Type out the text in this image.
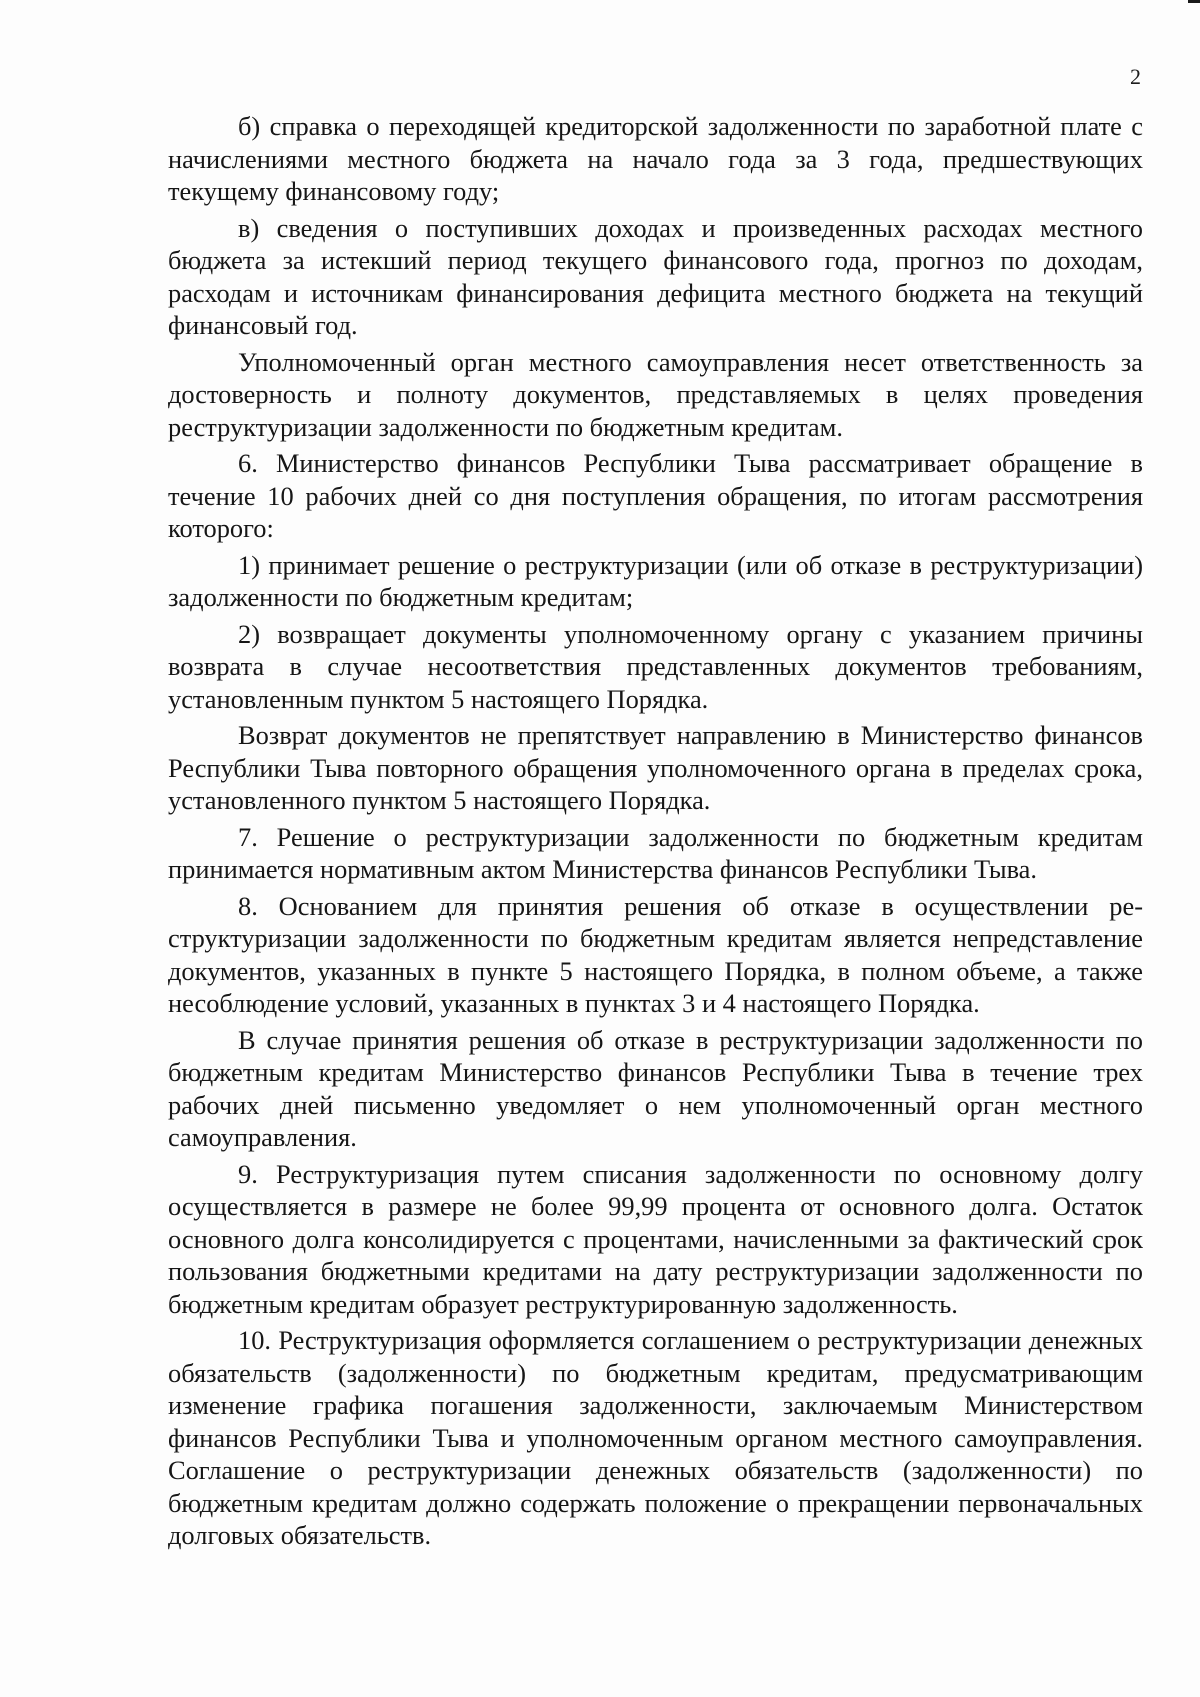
2

б) справка о переходящей кредиторской задолженности по заработной плате с начислениями местного бюджета на начало года за 3 года, предшествующих текущему финансовому году;

в) сведения о поступивших доходах и произведенных расходах местного бюджета за истекший период текущего финансового года, прогноз по доходам, расходам и источникам финансирования дефицита местного бюджета на текущий финансовый год.

Уполномоченный орган местного самоуправления несет ответственность за достоверность и полноту документов, представляемых в целях проведения реструктуризации задолженности по бюджетным кредитам.

6. Министерство финансов Республики Тыва рассматривает обращение в течение 10 рабочих дней со дня поступления обращения, по итогам рассмотрения которого:

1) принимает решение о реструктуризации (или об отказе в реструктуризации) задолженности по бюджетным кредитам;

2) возвращает документы уполномоченному органу с указанием причины возврата в случае несоответствия представленных документов требованиям, установленным пунктом 5 настоящего Порядка.

Возврат документов не препятствует направлению в Министерство финансов Республики Тыва повторного обращения уполномоченного органа в пределах срока, установленного пунктом 5 настоящего Порядка.

7. Решение о реструктуризации задолженности по бюджетным кредитам принимается нормативным актом Министерства финансов Республики Тыва.

8. Основанием для принятия решения об отказе в осуществлении реструктуризации задолженности по бюджетным кредитам является непредставление документов, указанных в пункте 5 настоящего Порядка, в полном объеме, а также несоблюдение условий, указанных в пунктах 3 и 4 настоящего Порядка.

В случае принятия решения об отказе в реструктуризации задолженности по бюджетным кредитам Министерство финансов Республики Тыва в течение трех рабочих дней письменно уведомляет о нем уполномоченный орган местного самоуправления.

9. Реструктуризация путем списания задолженности по основному долгу осуществляется в размере не более 99,99 процента от основного долга. Остаток основного долга консолидируется с процентами, начисленными за фактический срок пользования бюджетными кредитами на дату реструктуризации задолженности по бюджетным кредитам образует реструктурированную задолженность.

10. Реструктуризация оформляется соглашением о реструктуризации денежных обязательств (задолженности) по бюджетным кредитам, предусматривающим изменение графика погашения задолженности, заключаемым Министерством финансов Республики Тыва и уполномоченным органом местного самоуправления. Соглашение о реструктуризации денежных обязательств (задолженности) по бюджетным кредитам должно содержать положение о прекращении первоначальных долговых обязательств.
